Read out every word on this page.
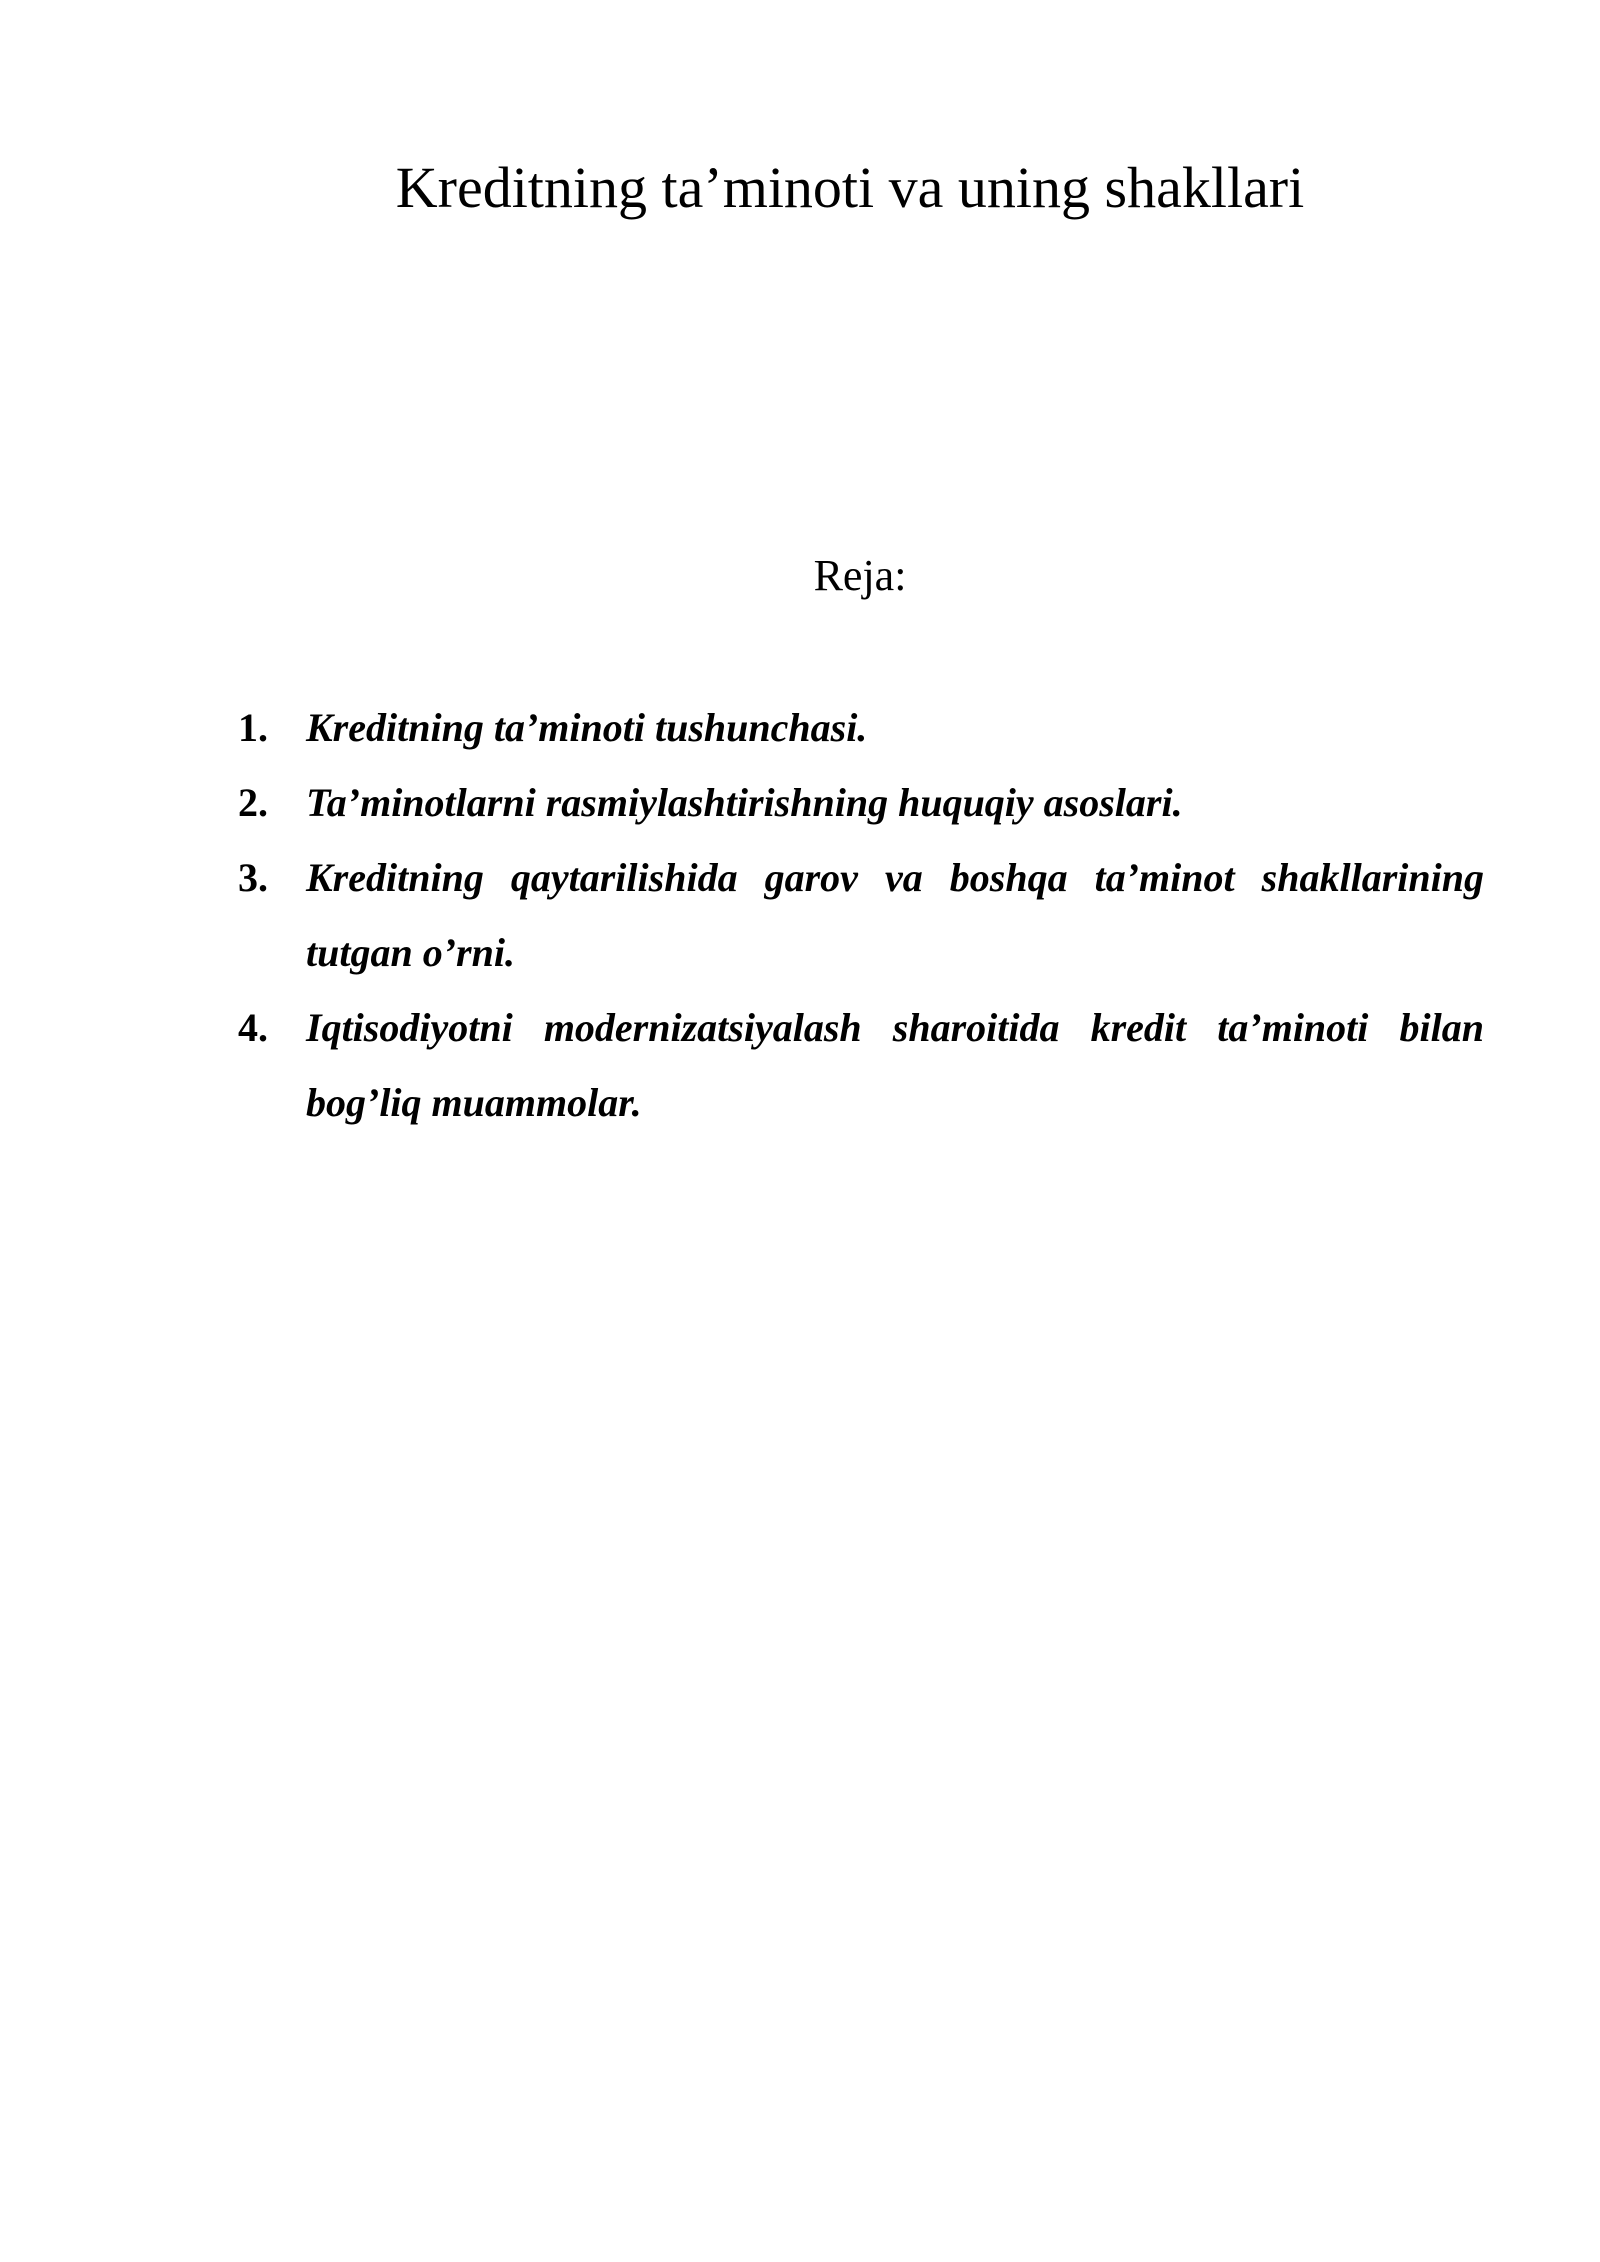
Kreditning ta’minoti va uning shakllari
Reja:
1. Kreditning ta’minoti tushunchasi.
2. Ta’minotlarni rasmiylashtirishning huquqiy asoslari.
3. Kreditning qaytarilishida garov va boshqa ta’minot shakllarining tutgan o’rni.
4. Iqtisodiyotni modernizatsiyalash sharoitida kredit ta’minoti bilan bog’liq muammolar.
